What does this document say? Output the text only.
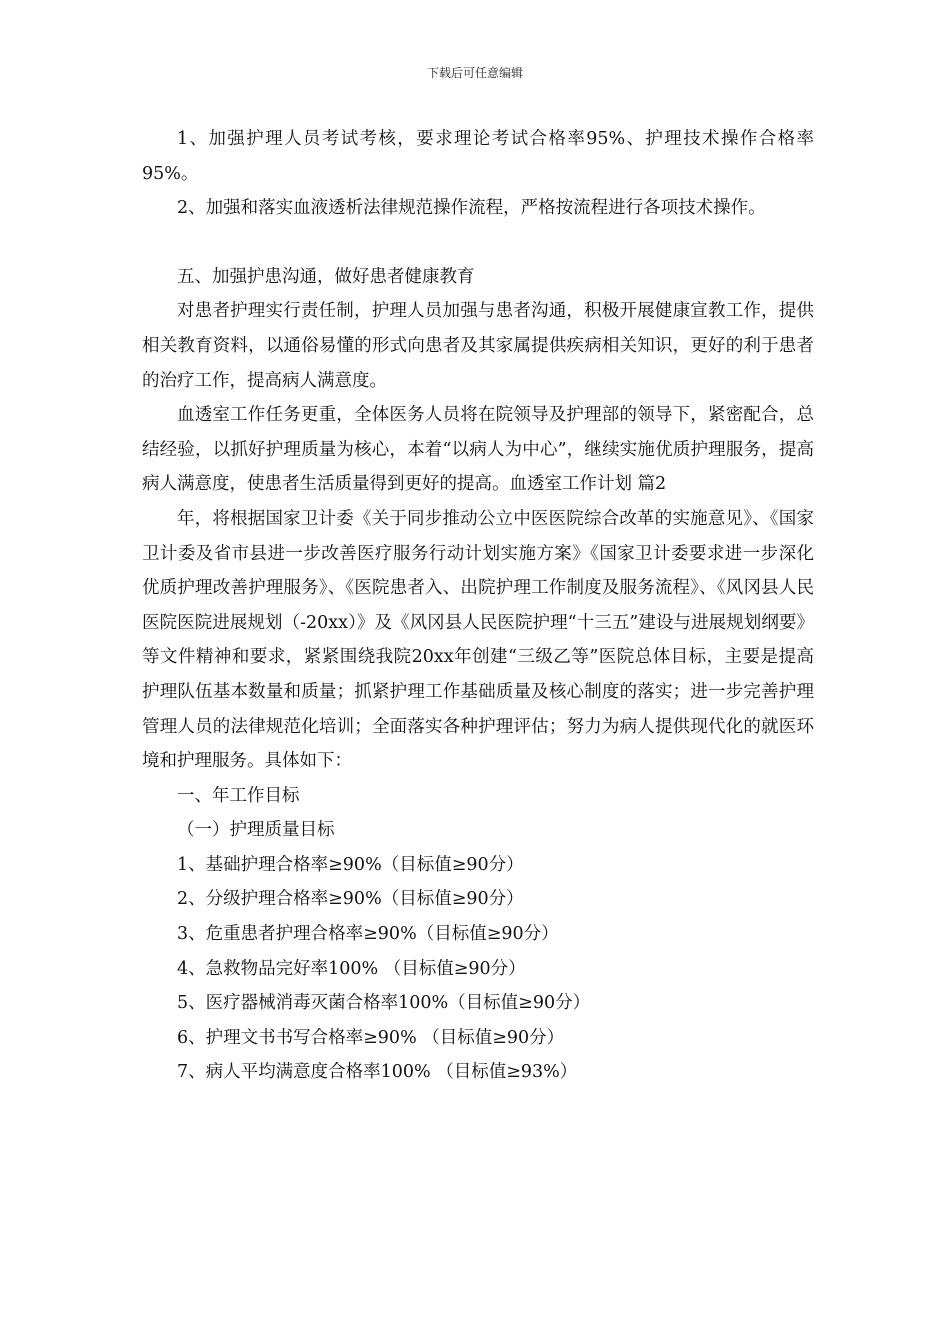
下载后可任意编辑

1、加强护理人员考试考核，要求理论考试合格率95%、护理技术操作合格率95%。

2、加强和落实血液透析法律规范操作流程，严格按流程进行各项技术操作。

五、加强护患沟通，做好患者健康教育

对患者护理实行责任制，护理人员加强与患者沟通，积极开展健康宣教工作，提供相关教育资料，以通俗易懂的形式向患者及其家属提供疾病相关知识，更好的利于患者的治疗工作，提高病人满意度。

血透室工作任务更重，全体医务人员将在院领导及护理部的领导下，紧密配合，总结经验，以抓好护理质量为核心，本着“以病人为中心”，继续实施优质护理服务，提高病人满意度，使患者生活质量得到更好的提高。血透室工作计划 篇2

年，将根据国家卫计委《关于同步推动公立中医医院综合改革的实施意见》、《国家卫计委及省市县进一步改善医疗服务行动计划实施方案》《国家卫计委要求进一步深化优质护理改善护理服务》、《医院患者入、出院护理工作制度及服务流程》、《风冈县人民医院医院进展规划（-20xx）》及《风冈县人民医院护理“十三五”建设与进展规划纲要》等文件精神和要求，紧紧围绕我院20xx年创建“三级乙等”医院总体目标，主要是提高护理队伍基本数量和质量；抓紧护理工作基础质量及核心制度的落实；进一步完善护理管理人员的法律规范化培训；全面落实各种护理评估；努力为病人提供现代化的就医环境和护理服务。具体如下：

一、年工作目标

（一）护理质量目标

1、基础护理合格率≥90%（目标值≥90分）

2、分级护理合格率≥90%（目标值≥90分）

3、危重患者护理合格率≥90%（目标值≥90分）

4、急救物品完好率100% （目标值≥90分）

5、医疗器械消毒灭菌合格率100%（目标值≥90分）

6、护理文书书写合格率≥90% （目标值≥90分）

7、病人平均满意度合格率100% （目标值≥93%）
